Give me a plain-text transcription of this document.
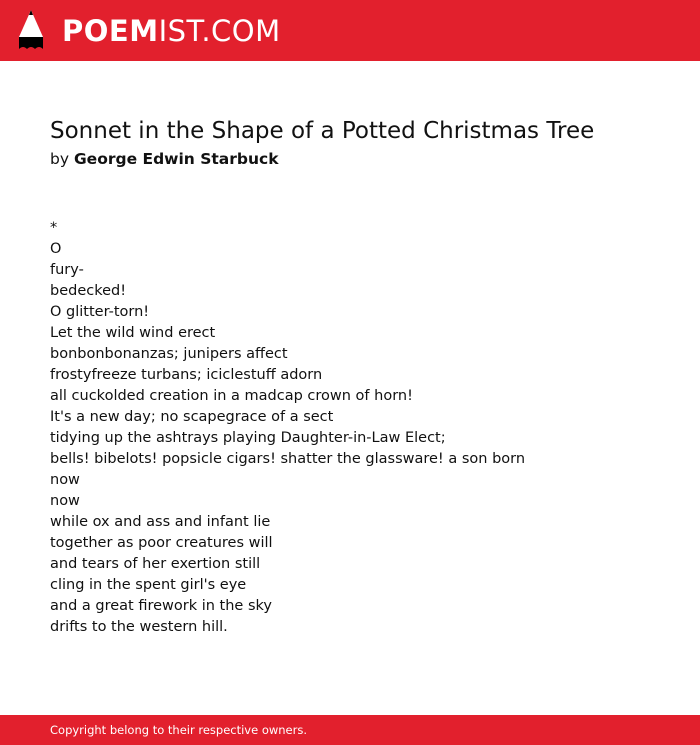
POEMIST.COM
Sonnet in the Shape of a Potted Christmas Tree
by George Edwin Starbuck
*
O
fury-
bedecked!
O glitter-torn!
Let the wild wind erect
bonbonbonanzas; junipers affect
frostyfreeze turbans; iciclestuff adorn
all cuckolded creation in a madcap crown of horn!
It's a new day; no scapegrace of a sect
tidying up the ashtrays playing Daughter-in-Law Elect;
bells! bibelots! popsicle cigars! shatter the glassware! a son born
now
now
while ox and ass and infant lie
together as poor creatures will
and tears of her exertion still
cling in the spent girl's eye
and a great firework in the sky
drifts to the western hill.
Copyright belong to their respective owners.
